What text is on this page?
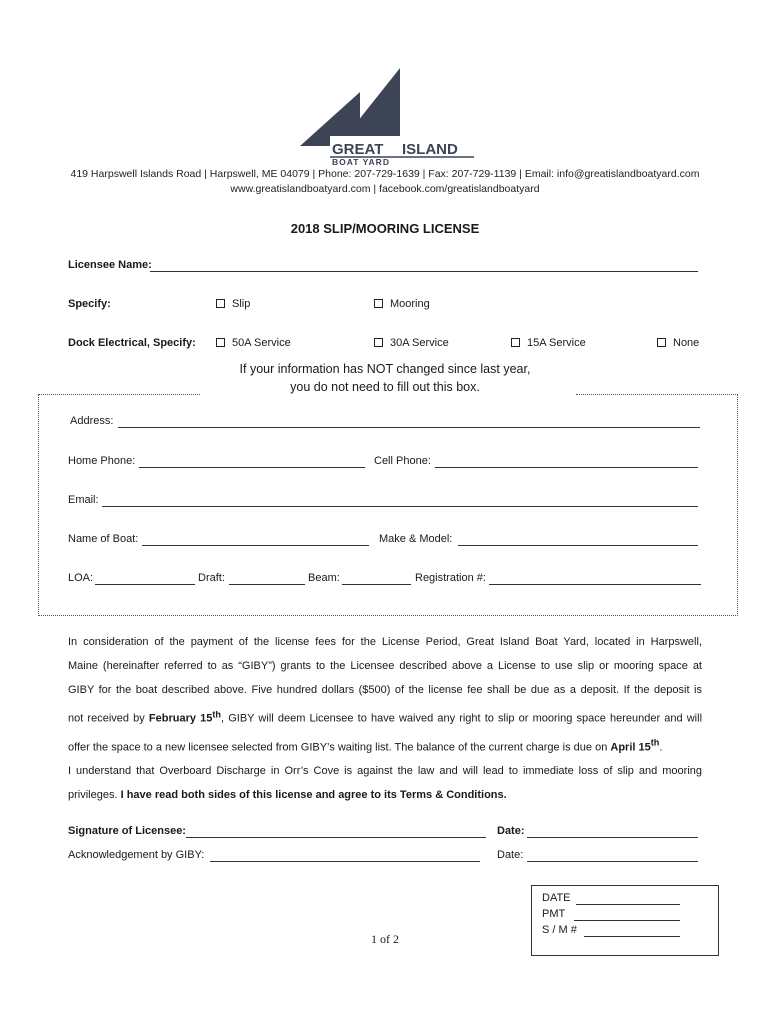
GREAT ISLAND
BOAT YARD
419 Harpswell Islands Road | Harpswell, ME 04079 | Phone: 207-729-1639 | Fax: 207-729-1139 | Email: info@greatislandboatyard.com
www.greatislandboatyard.com | facebook.com/greatislandboatyard
2018 SLIP/MOORING LICENSE
Licensee Name:
Specify:	Slip	Mooring
Dock Electrical, Specify:	50A Service	30A Service	15A Service	None
If your information has NOT changed since last year,
you do not need to fill out this box.
Address:
Home Phone:	Cell Phone:
Email:
Name of Boat:	Make & Model:
LOA:	Draft:	Beam:	Registration #:

In consideration of the payment of the license fees for the License Period, Great Island Boat Yard, located in Harpswell,

Maine (hereinafter referred to as “GIBY”) grants to the Licensee described above a License to use slip or mooring space at

GIBY for the boat described above. Five hundred dollars ($500) of the license fee shall be due as a deposit. If the deposit is

not received by February 15th, GIBY will deem Licensee to have waived any right to slip or mooring space hereunder and will

offer the space to a new licensee selected from GIBY’s waiting list. The balance of the current charge is due on April 15th.

I understand that Overboard Discharge in Orr’s Cove is against the law and will lead to immediate loss of slip and mooring

privileges. I have read both sides of this license and agree to its Terms & Conditions.

Signature of Licensee:	Date:
Acknowledgement by GIBY:	Date:
DATE
PMT
S / M #
1 of 2
